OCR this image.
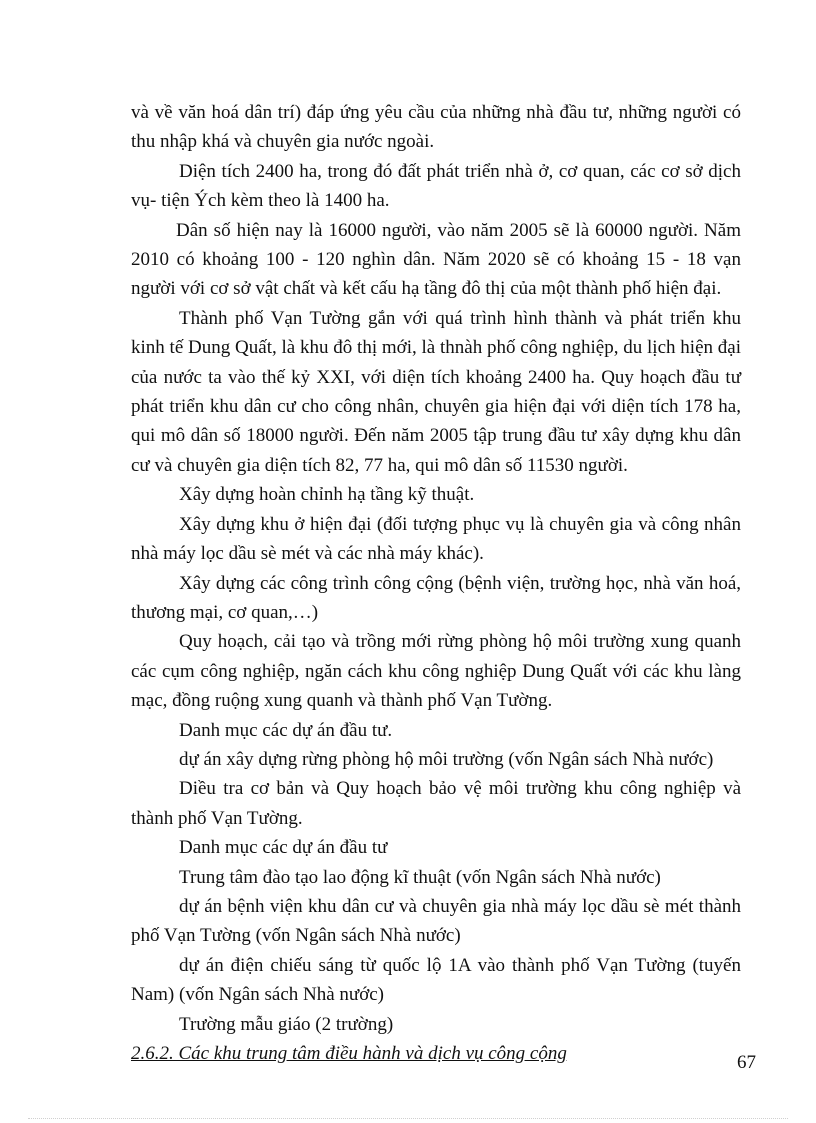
và về văn hoá dân trí) đáp ứng yêu cầu của những nhà đầu tư, những người có thu nhập khá và chuyên gia nước ngoài.

Diện tích 2400 ha, trong đó đất phát triển nhà ở, cơ quan, các cơ sở dịch vụ- tiện Ých kèm theo là 1400 ha.

Dân số hiện nay là 16000 người, vào năm 2005 sẽ là 60000 người. Năm 2010 có khoảng 100 - 120 nghìn dân. Năm 2020 sẽ có khoảng 15 - 18 vạn người với cơ sở vật chất và kết cấu hạ tầng đô thị của một thành phố hiện đại.

Thành phố Vạn Tường gắn với quá trình hình thành và phát triển khu kinh tế Dung Quất, là khu đô thị mới, là thnàh phố công nghiệp, du lịch hiện đại của nước ta vào thế kỷ XXI, với diện tích khoảng 2400 ha. Quy hoạch đầu tư phát triển khu dân cư cho công nhân, chuyên gia hiện đại với diện tích 178 ha, qui mô dân số 18000 người. Đến năm 2005 tập trung đầu tư xây dựng khu dân cư và chuyên gia diện tích 82, 77 ha, qui mô dân số 11530 người.

Xây dựng hoàn chỉnh hạ tầng kỹ thuật.

Xây dựng khu ở hiện đại (đối tượng phục vụ là chuyên gia và công nhân nhà máy lọc dầu sè mét và các nhà máy khác).

Xây dựng các công trình công cộng (bệnh viện, trường học, nhà văn hoá, thương mại, cơ quan,…)

Quy hoạch, cải tạo và trồng mới rừng phòng hộ môi trường xung quanh các cụm công nghiệp, ngăn cách khu công nghiệp Dung Quất với các khu làng mạc, đồng ruộng xung quanh và thành phố Vạn Tường.

Danh mục các dự án đầu tư.

dự án xây dựng rừng phòng hộ môi trường (vốn Ngân sách Nhà nước)

Diều tra cơ bản và Quy hoạch bảo vệ môi trường khu công nghiệp và thành phố Vạn Tường.

Danh mục các dự án đầu tư

Trung tâm đào tạo lao động kĩ thuật (vốn Ngân sách Nhà nước)

dự án bệnh viện khu dân cư và chuyên gia nhà máy lọc dầu sè mét thành phố Vạn Tường (vốn Ngân sách Nhà nước)

dự án điện chiếu sáng từ quốc lộ 1A vào thành phố Vạn Tường (tuyến Nam) (vốn Ngân sách Nhà nước)

Trường mẫu giáo (2 trường)

2.6.2. Các khu trung tâm điều hành và dịch vụ công cộng	67
